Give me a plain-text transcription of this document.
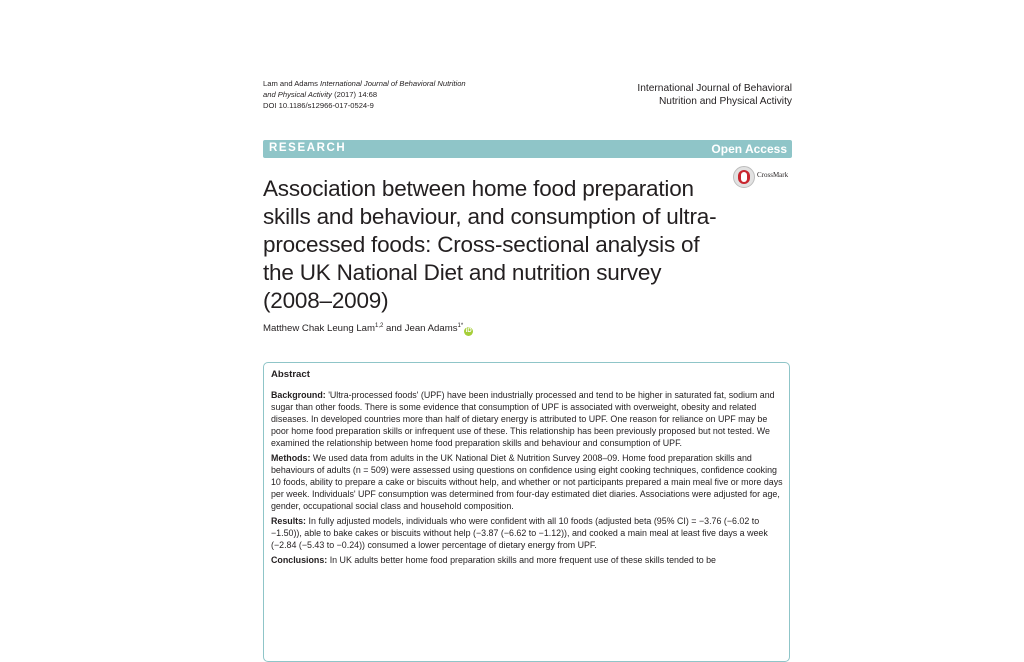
Lam and Adams International Journal of Behavioral Nutrition
and Physical Activity (2017) 14:68
DOI 10.1186/s12966-017-0524-9
International Journal of Behavioral
Nutrition and Physical Activity
RESEARCH	Open Access
CrossMark
Association between home food preparation skills and behaviour, and consumption of ultra-processed foods: Cross-sectional analysis of the UK National Diet and nutrition survey (2008–2009)
Matthew Chak Leung Lam$^{1,2}$ and Jean Adams$^{1*}$iD
Abstract

Background: 'Ultra-processed foods' (UPF) have been industrially processed and tend to be higher in saturated fat, sodium and sugar than other foods. There is some evidence that consumption of UPF is associated with overweight, obesity and related diseases. In developed countries more than half of dietary energy is attributed to UPF. One reason for reliance on UPF may be poor home food preparation skills or infrequent use of these. This relationship has been previously proposed but not tested. We examined the relationship between home food preparation skills and behaviour and consumption of UPF.

Methods: We used data from adults in the UK National Diet & Nutrition Survey 2008–09. Home food preparation skills and behaviours of adults (n = 509) were assessed using questions on confidence using eight cooking techniques, confidence cooking 10 foods, ability to prepare a cake or biscuits without help, and whether or not participants prepared a main meal five or more days per week. Individuals' UPF consumption was determined from four-day estimated diet diaries. Associations were adjusted for age, gender, occupational social class and household composition.

Results: In fully adjusted models, individuals who were confident with all 10 foods (adjusted beta (95% CI) = −3.76 (−6.02 to −1.50)), able to bake cakes or biscuits without help (−3.87 (−6.62 to −1.12)), and cooked a main meal at least five days a week (−2.84 (−5.43 to −0.24)) consumed a lower percentage of dietary energy from UPF.

Conclusions: In UK adults better home food preparation skills and more frequent use of these skills tended to be
